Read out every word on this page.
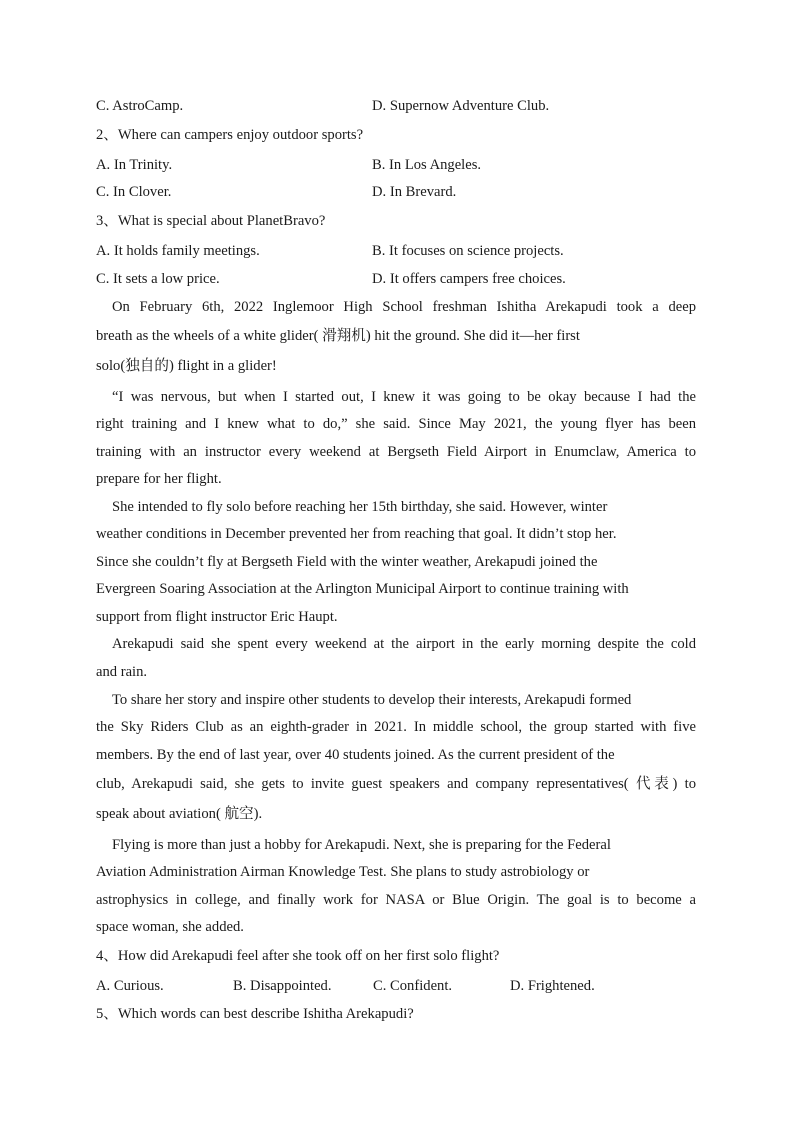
C. AstroCamp.	D. Supernow Adventure Club.
2、Where can campers enjoy outdoor sports?
A. In Trinity.	B. In Los Angeles.
C. In Clover.	D. In Brevard.
3、What is special about PlanetBravo?
A. It holds family meetings.	B. It focuses on science projects.
C. It sets a low price.	D. It offers campers free choices.
On February 6th, 2022 Inglemoor High School freshman Ishitha Arekapudi took a deep
breath as the wheels of a white glider( 滑翔机) hit the ground. She did it—her first
solo(独自的) flight in a glider!
“I was nervous, but when I started out, I knew it was going to be okay because I had the
right training and I knew what to do,” she said. Since May 2021, the young flyer has been
training with an instructor every weekend at Bergseth Field Airport in Enumclaw, America to
prepare for her flight.
She intended to fly solo before reaching her 15th birthday, she said. However, winter
weather conditions in December prevented her from reaching that goal. It didn’t stop her.
Since she couldn’t fly at Bergseth Field with the winter weather, Arekapudi joined the
Evergreen Soaring Association at the Arlington Municipal Airport to continue training with
support from flight instructor Eric Haupt.
Arekapudi said she spent every weekend at the airport in the early morning despite the cold
and rain.
To share her story and inspire other students to develop their interests, Arekapudi formed
the Sky Riders Club as an eighth-grader in 2021. In middle school, the group started with five
members. By the end of last year, over 40 students joined. As the current president of the
club, Arekapudi said, she gets to invite guest speakers and company representatives( 代表) to
speak about aviation( 航空).
Flying is more than just a hobby for Arekapudi. Next, she is preparing for the Federal
Aviation Administration Airman Knowledge Test. She plans to study astrobiology or
astrophysics in college, and finally work for NASA or Blue Origin. The goal is to become a
space woman, she added.
4、How did Arekapudi feel after she took off on her first solo flight?
A. Curious.	B. Disappointed.	C. Confident.	D. Frightened.
5、Which words can best describe Ishitha Arekapudi?
